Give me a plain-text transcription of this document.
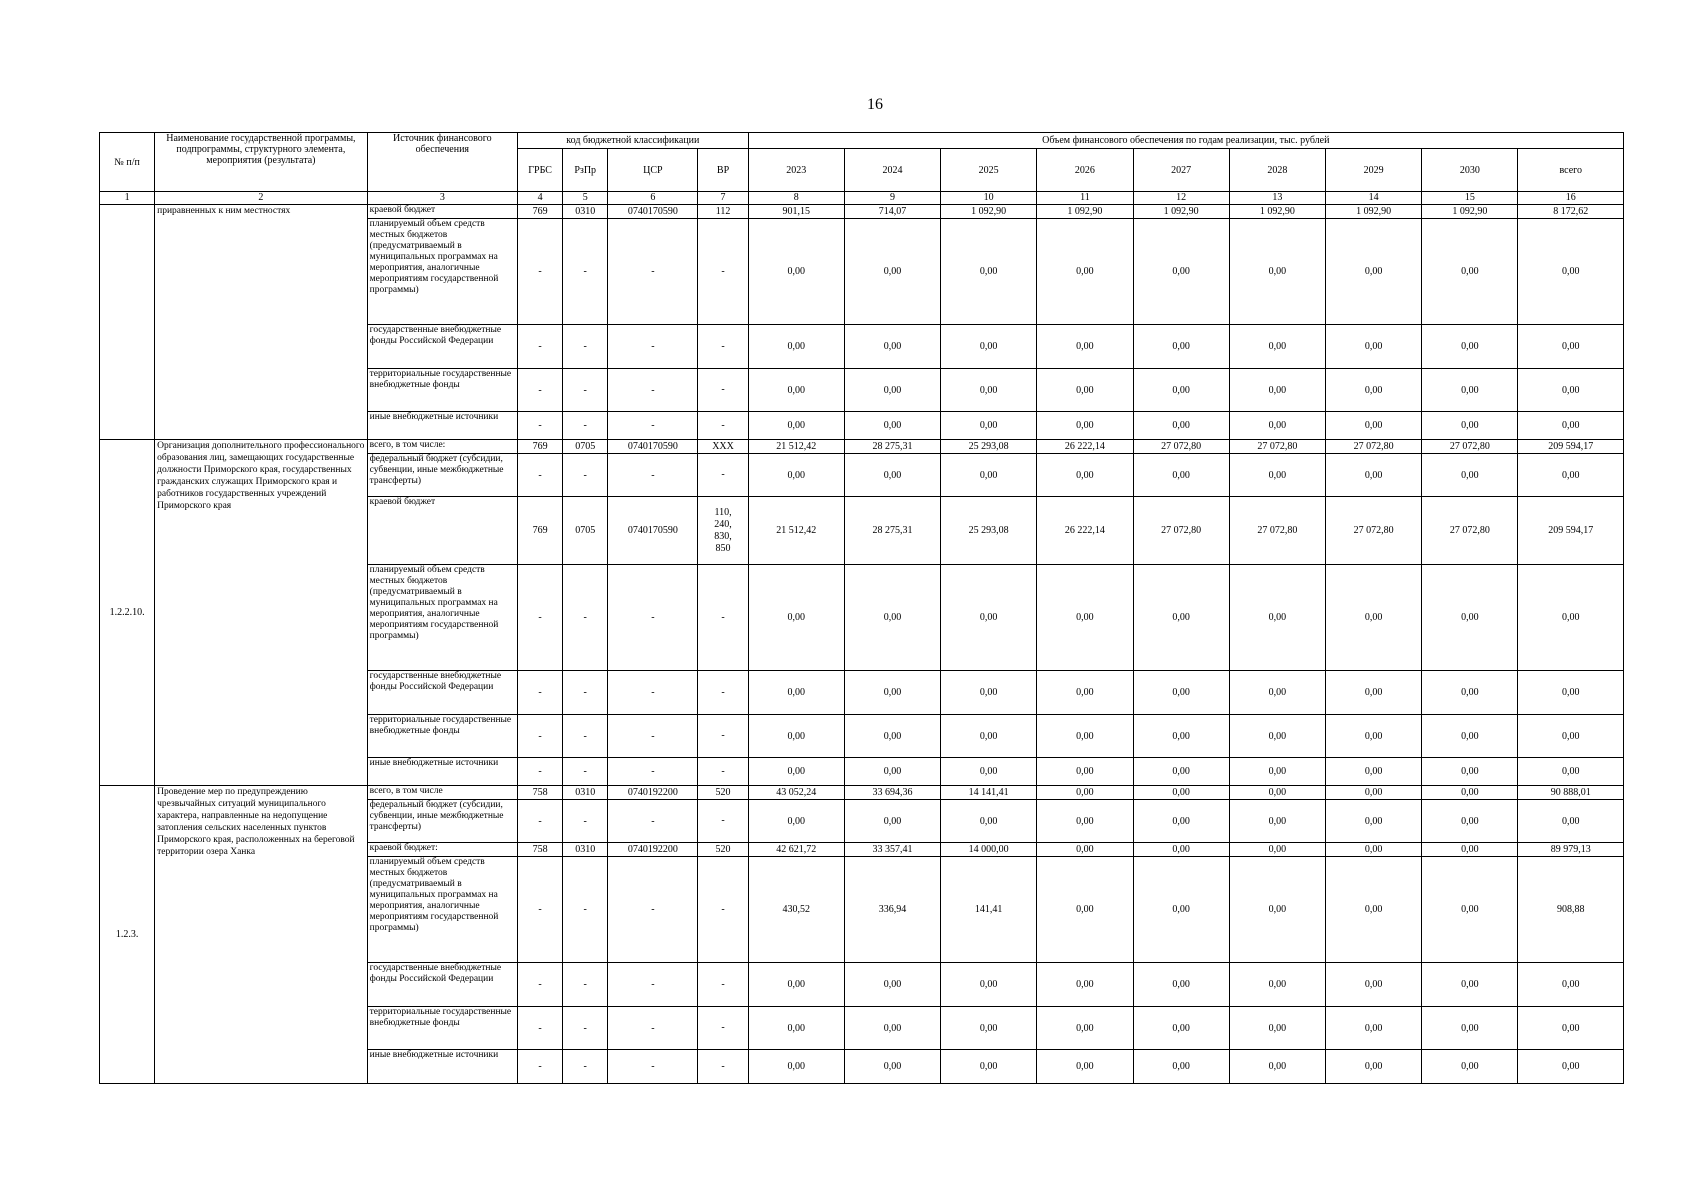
16
№ п/п	Наименование государственной программы, подпрограммы, структурного элемента, мероприятия (результата)	Источник финансового обеспечения	код бюджетной классификации				Объем финансового обеспечения по годам реализации, тыс. рублей								
			ГРБС	РзПр	ЦСР	ВР	2023	2024	2025	2026	2027	2028	2029	2030	всего
1	2	3	4	5	6	7	8	9	10	11	12	13	14	15	16
	приравненных к ним местностях	краевой бюджет	769	0310	0740170590	112	901,15	714,07	1 092,90	1 092,90	1 092,90	1 092,90	1 092,90	1 092,90	8 172,62
		планируемый объем средств местных бюджетов (предусматриваемый в муниципальных программах на мероприятия, аналогичные мероприятиям государственной программы)	-	-	-	-	0,00	0,00	0,00	0,00	0,00	0,00	0,00	0,00	0,00
		государственные внебюджетные фонды Российской Федерации	-	-	-	-	0,00	0,00	0,00	0,00	0,00	0,00	0,00	0,00	0,00
		территориальные государственные внебюджетные фонды	-	-	-	-	0,00	0,00	0,00	0,00	0,00	0,00	0,00	0,00	0,00
		иные внебюджетные источники	-	-	-	-	0,00	0,00	0,00	0,00	0,00	0,00	0,00	0,00	0,00
1.2.2.10.	Организация дополнительного профессионального образования лиц, замещающих государственные должности Приморского края, государственных гражданских служащих Приморского края и работников государственных учреждений Приморского края	всего, в том числе:	769	0705	0740170590	ХХХ	21 512,42	28 275,31	25 293,08	26 222,14	27 072,80	27 072,80	27 072,80	27 072,80	209 594,17
		федеральный бюджет (субсидии, субвенции, иные межбюджетные трансферты)	-	-	-	-	0,00	0,00	0,00	0,00	0,00	0,00	0,00	0,00	0,00
		краевой бюджет	769	0705	0740170590	110,
240,
830,
850	21 512,42	28 275,31	25 293,08	26 222,14	27 072,80	27 072,80	27 072,80	27 072,80	209 594,17
		планируемый объем средств местных бюджетов (предусматриваемый в муниципальных программах на мероприятия, аналогичные мероприятиям государственной программы)	-	-	-	-	0,00	0,00	0,00	0,00	0,00	0,00	0,00	0,00	0,00
		государственные внебюджетные фонды Российской Федерации	-	-	-	-	0,00	0,00	0,00	0,00	0,00	0,00	0,00	0,00	0,00
		территориальные государственные внебюджетные фонды	-	-	-	-	0,00	0,00	0,00	0,00	0,00	0,00	0,00	0,00	0,00
		иные внебюджетные источники	-	-	-	-	0,00	0,00	0,00	0,00	0,00	0,00	0,00	0,00	0,00
1.2.3.	Проведение мер по предупреждению чрезвычайных ситуаций муниципального характера, направленные на недопущение затопления сельских населенных пунктов Приморского края, расположенных на береговой территории озера Ханка	всего, в том числе	758	0310	0740192200	520	43 052,24	33 694,36	14 141,41	0,00	0,00	0,00	0,00	0,00	90 888,01
		федеральный бюджет (субсидии, субвенции, иные межбюджетные трансферты)	-	-	-	-	0,00	0,00	0,00	0,00	0,00	0,00	0,00	0,00	0,00
		краевой бюджет:	758	0310	0740192200	520	42 621,72	33 357,41	14 000,00	0,00	0,00	0,00	0,00	0,00	89 979,13
		планируемый объем средств местных бюджетов (предусматриваемый в муниципальных программах на мероприятия, аналогичные мероприятиям государственной программы)	-	-	-	-	430,52	336,94	141,41	0,00	0,00	0,00	0,00	0,00	908,88
		государственные внебюджетные фонды Российской Федерации	-	-	-	-	0,00	0,00	0,00	0,00	0,00	0,00	0,00	0,00	0,00
		территориальные государственные внебюджетные фонды	-	-	-	-	0,00	0,00	0,00	0,00	0,00	0,00	0,00	0,00	0,00
		иные внебюджетные источники	-	-	-	-	0,00	0,00	0,00	0,00	0,00	0,00	0,00	0,00	0,00
